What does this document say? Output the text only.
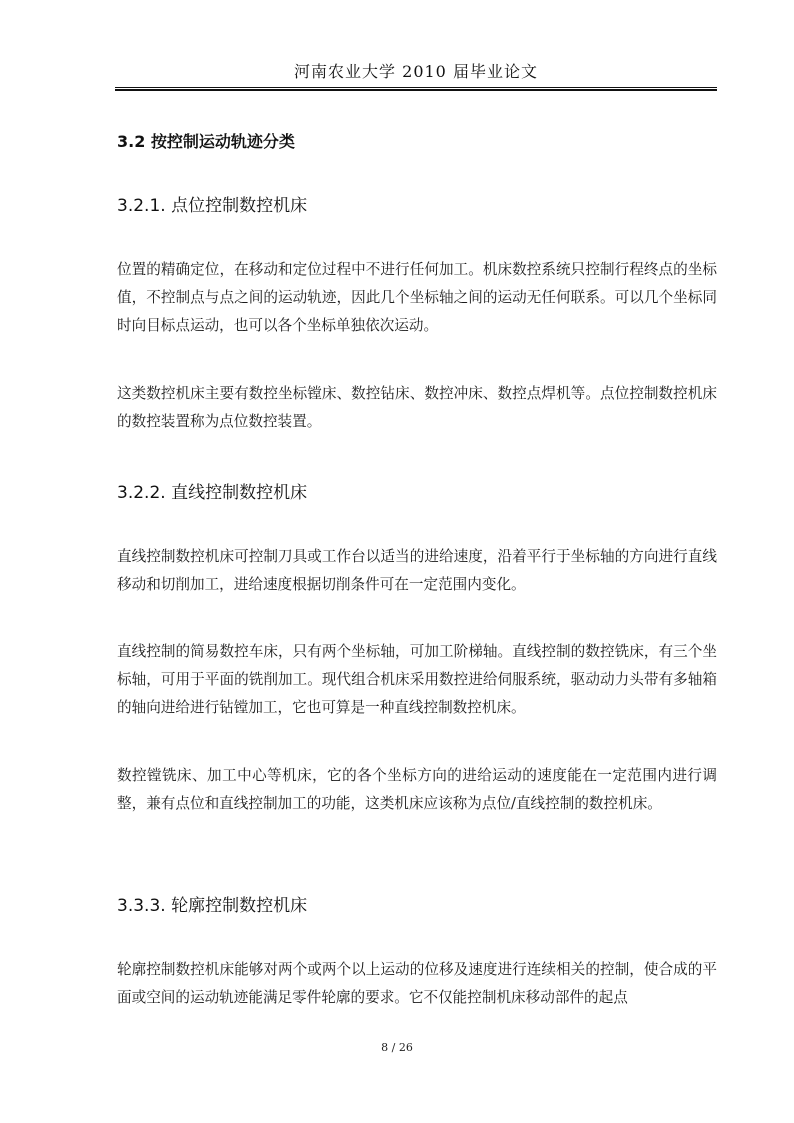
河南农业大学 2010 届毕业论文
3.2 按控制运动轨迹分类
3.2.1. 点位控制数控机床

位置的精确定位，在移动和定位过程中不进行任何加工。机床数控系统只控制行程终点的坐标值，不控制点与点之间的运动轨迹，因此几个坐标轴之间的运动无任何联系。可以几个坐标同时向目标点运动，也可以各个坐标单独依次运动。

这类数控机床主要有数控坐标镗床、数控钻床、数控冲床、数控点焊机等。点位控制数控机床的数控装置称为点位数控装置。

3.2.2. 直线控制数控机床

直线控制数控机床可控制刀具或工作台以适当的进给速度，沿着平行于坐标轴的方向进行直线移动和切削加工，进给速度根据切削条件可在一定范围内变化。

直线控制的简易数控车床，只有两个坐标轴，可加工阶梯轴。直线控制的数控铣床，有三个坐标轴，可用于平面的铣削加工。现代组合机床采用数控进给伺服系统，驱动动力头带有多轴箱的轴向进给进行钻镗加工，它也可算是一种直线控制数控机床。

数控镗铣床、加工中心等机床，它的各个坐标方向的进给运动的速度能在一定范围内进行调整，兼有点位和直线控制加工的功能，这类机床应该称为点位/直线控制的数控机床。

3.3.3. 轮廓控制数控机床

轮廓控制数控机床能够对两个或两个以上运动的位移及速度进行连续相关的控制，使合成的平面或空间的运动轨迹能满足零件轮廓的要求。它不仅能控制机床移动部件的起点

8 / 26
